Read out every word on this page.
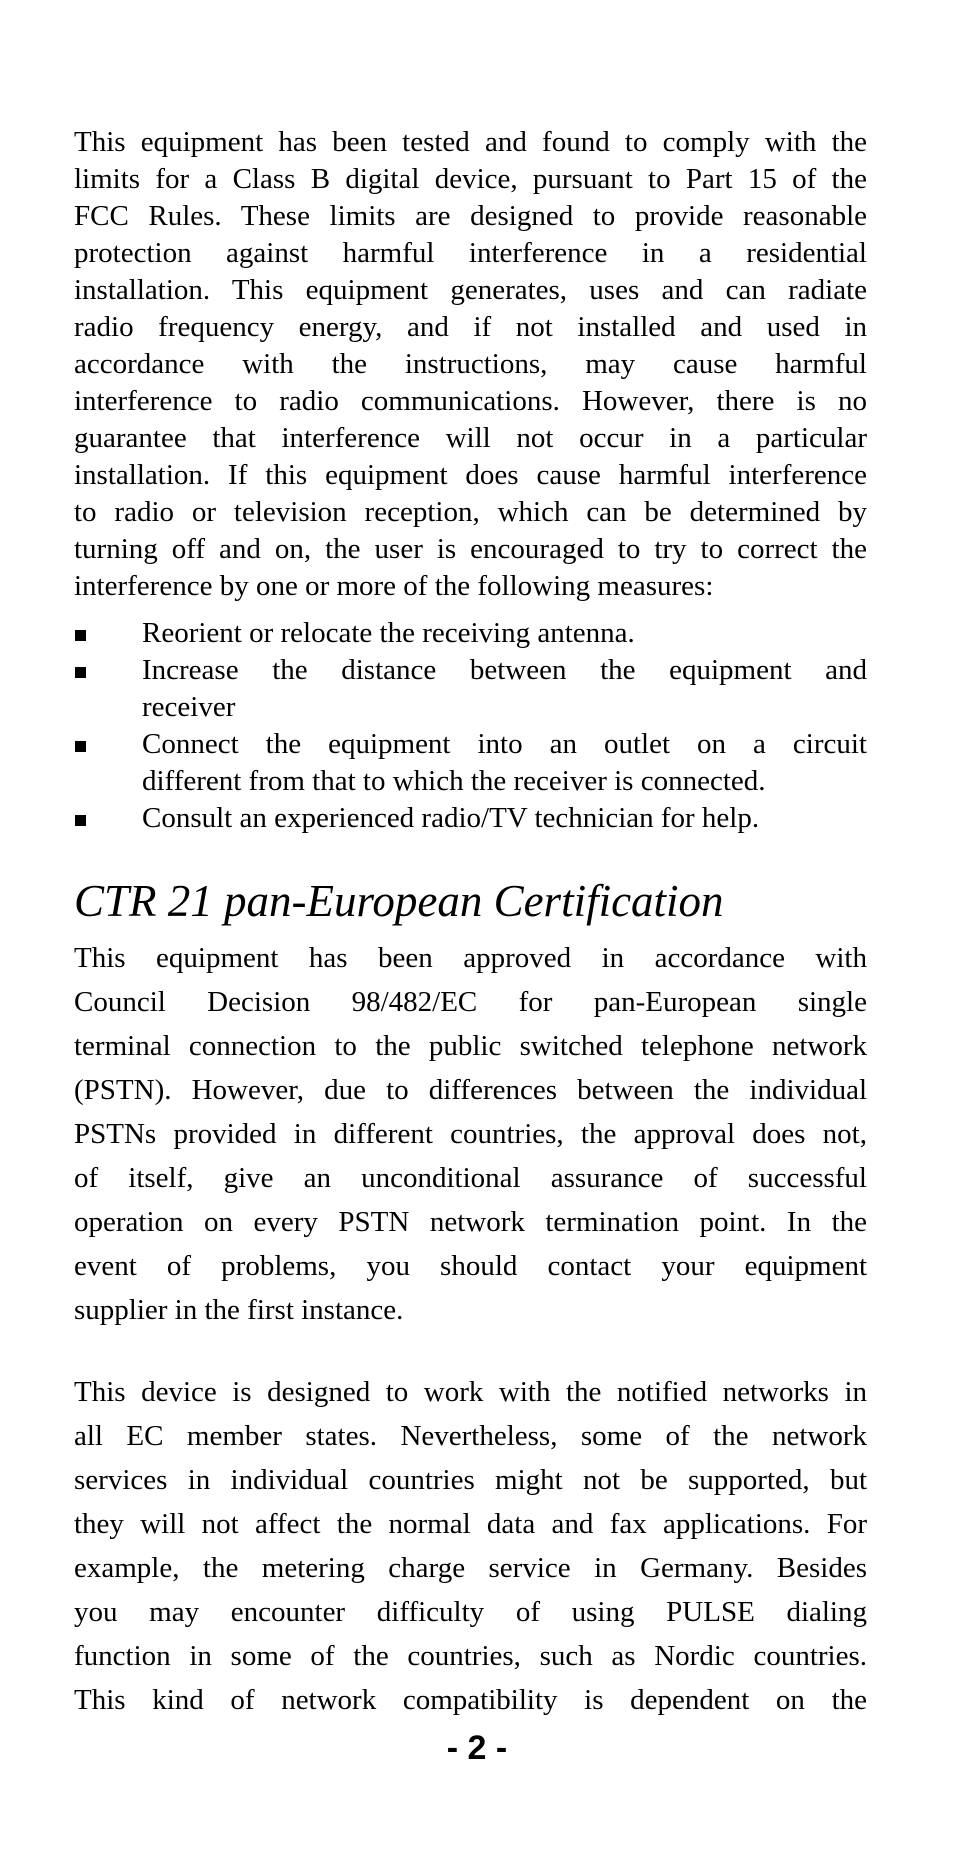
This equipment has been tested and found to comply with the
limits for a Class B digital device, pursuant to Part 15 of the
FCC Rules. These limits are designed to provide reasonable
protection against harmful interference in a residential
installation. This equipment generates, uses and can radiate
radio frequency energy, and if not installed and used in
accordance with the instructions, may cause harmful
interference to radio communications. However, there is no
guarantee that interference will not occur in a particular
installation. If this equipment does cause harmful interference
to radio or television reception, which can be determined by
turning off and on, the user is encouraged to try to correct the
interference by one or more of the following measures:
Reorient or relocate the receiving antenna.
Increase the distance between the equipment and
receiver
Connect the equipment into an outlet on a circuit
different from that to which the receiver is connected.
Consult an experienced radio/TV technician for help.
CTR 21 pan-European Certification
This equipment has been approved in accordance with
Council Decision 98/482/EC for pan-European single
terminal connection to the public switched telephone network
(PSTN). However, due to differences between the individual
PSTNs provided in different countries, the approval does not,
of itself, give an unconditional assurance of successful
operation on every PSTN network termination point. In the
event of problems, you should contact your equipment
supplier in the first instance.
This device is designed to work with the notified networks in
all EC member states. Nevertheless, some of the network
services in individual countries might not be supported, but
they will not affect the normal data and fax applications. For
example, the metering charge service in Germany. Besides
you may encounter difficulty of using PULSE dialing
function in some of the countries, such as Nordic countries.
This kind of network compatibility is dependent on the
- 2 -
